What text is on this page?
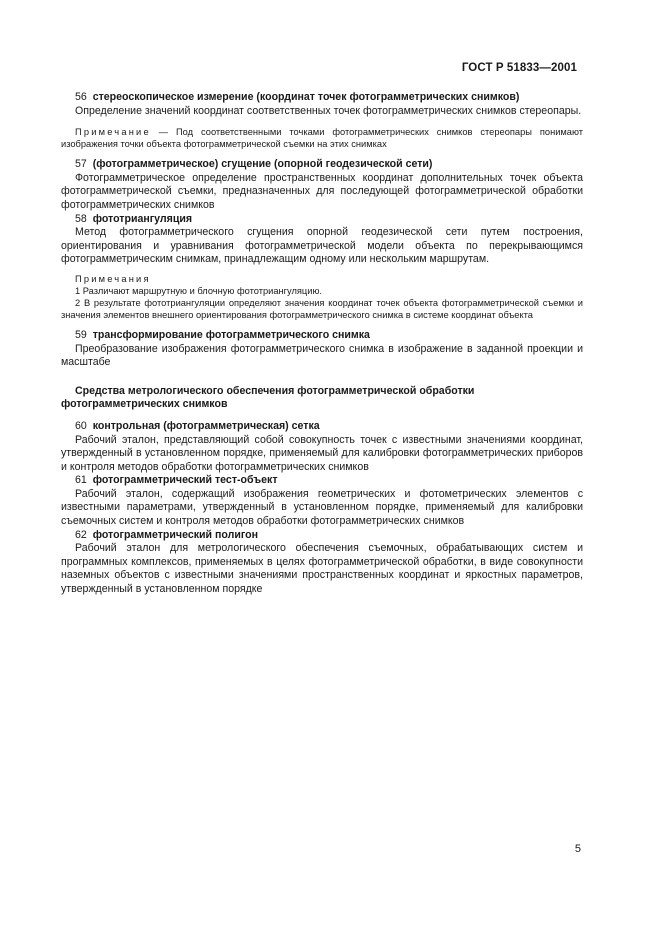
ГОСТ Р 51833—2001

56 стереоскопическое измерение (координат точек фотограмметрических снимков)

Определение значений координат соответственных точек фотограмметрических снимков стереопары.

Примечание — Под соответственными точками фотограмметрических снимков стереопары понимают изображения точки объекта фотограмметрической съемки на этих снимках

57 (фотограмметрическое) сгущение (опорной геодезической сети)

Фотограмметрическое определение пространственных координат дополнительных точек объекта фотограмметрической съемки, предназначенных для последующей фотограмметрической обработки фотограмметрических снимков

58 фототриангуляция

Метод фотограмметрического сгущения опорной геодезической сети путем построения, ориентирования и уравнивания фотограмметрической модели объекта по перекрывающимся фотограмметрическим снимкам, принадлежащим одному или нескольким маршрутам.

Примечания

1 Различают маршрутную и блочную фототриангуляцию.

2 В результате фототриангуляции определяют значения координат точек объекта фотограмметрической съемки и значения элементов внешнего ориентирования фотограмметрического снимка в системе координат объекта

59 трансформирование фотограмметрического снимка

Преобразование изображения фотограмметрического снимка в изображение в заданной проекции и масштабе

Средства метрологического обеспечения фотограмметрической обработки
фотограмметрических снимков

60 контрольная (фотограмметрическая) сетка

Рабочий эталон, представляющий собой совокупность точек с известными значениями координат, утвержденный в установленном порядке, применяемый для калибровки фотограмметрических приборов и контроля методов обработки фотограмметрических снимков

61 фотограмметрический тест-объект

Рабочий эталон, содержащий изображения геометрических и фотометрических элементов с известными параметрами, утвержденный в установленном порядке, применяемый для калибровки съемочных систем и контроля методов обработки фотограмметрических снимков

62 фотограмметрический полигон

Рабочий эталон для метрологического обеспечения съемочных, обрабатывающих систем и программных комплексов, применяемых в целях фотограмметрической обработки, в виде совокупности наземных объектов с известными значениями пространственных координат и яркостных параметров, утвержденный в установленном порядке

5
